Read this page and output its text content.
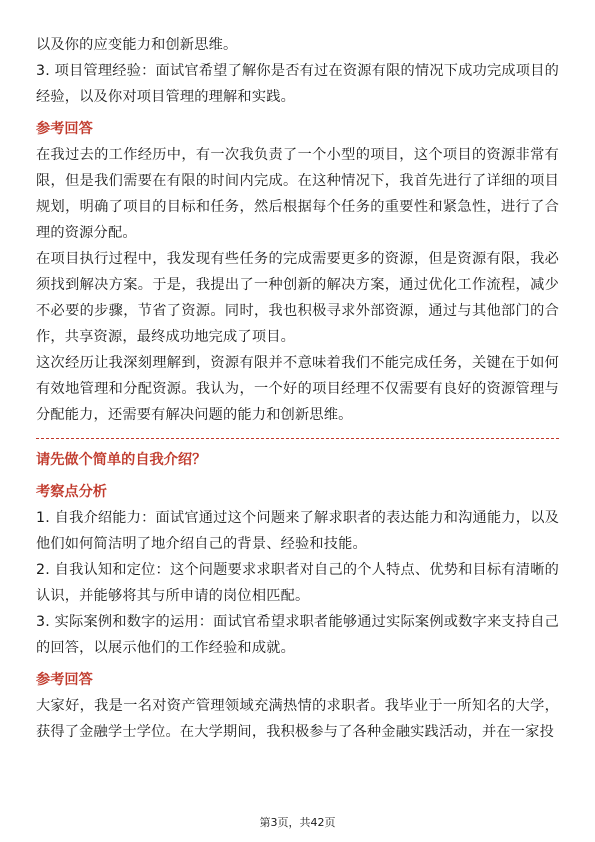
以及你的应变能力和创新思维。

3. 项目管理经验：面试官希望了解你是否有过在资源有限的情况下成功完成项目的经验，以及你对项目管理的理解和实践。

参考回答

在我过去的工作经历中，有一次我负责了一个小型的项目，这个项目的资源非常有限，但是我们需要在有限的时间内完成。在这种情况下，我首先进行了详细的项目规划，明确了项目的目标和任务，然后根据每个任务的重要性和紧急性，进行了合理的资源分配。

在项目执行过程中，我发现有些任务的完成需要更多的资源，但是资源有限，我必须找到解决方案。于是，我提出了一种创新的解决方案，通过优化工作流程，减少不必要的步骤，节省了资源。同时，我也积极寻求外部资源，通过与其他部门的合作，共享资源，最终成功地完成了项目。

这次经历让我深刻理解到，资源有限并不意味着我们不能完成任务，关键在于如何有效地管理和分配资源。我认为，一个好的项目经理不仅需要有良好的资源管理与分配能力，还需要有解决问题的能力和创新思维。

请先做个简单的自我介绍？

考察点分析

1. 自我介绍能力：面试官通过这个问题来了解求职者的表达能力和沟通能力，以及他们如何简洁明了地介绍自己的背景、经验和技能。

2. 自我认知和定位：这个问题要求求职者对自己的个人特点、优势和目标有清晰的认识，并能够将其与所申请的岗位相匹配。

3. 实际案例和数字的运用：面试官希望求职者能够通过实际案例或数字来支持自己的回答，以展示他们的工作经验和成就。

参考回答

大家好，我是一名对资产管理领域充满热情的求职者。我毕业于一所知名的大学，获得了金融学士学位。在大学期间，我积极参与了各种金融实践活动，并在一家投

第3页，共42页
